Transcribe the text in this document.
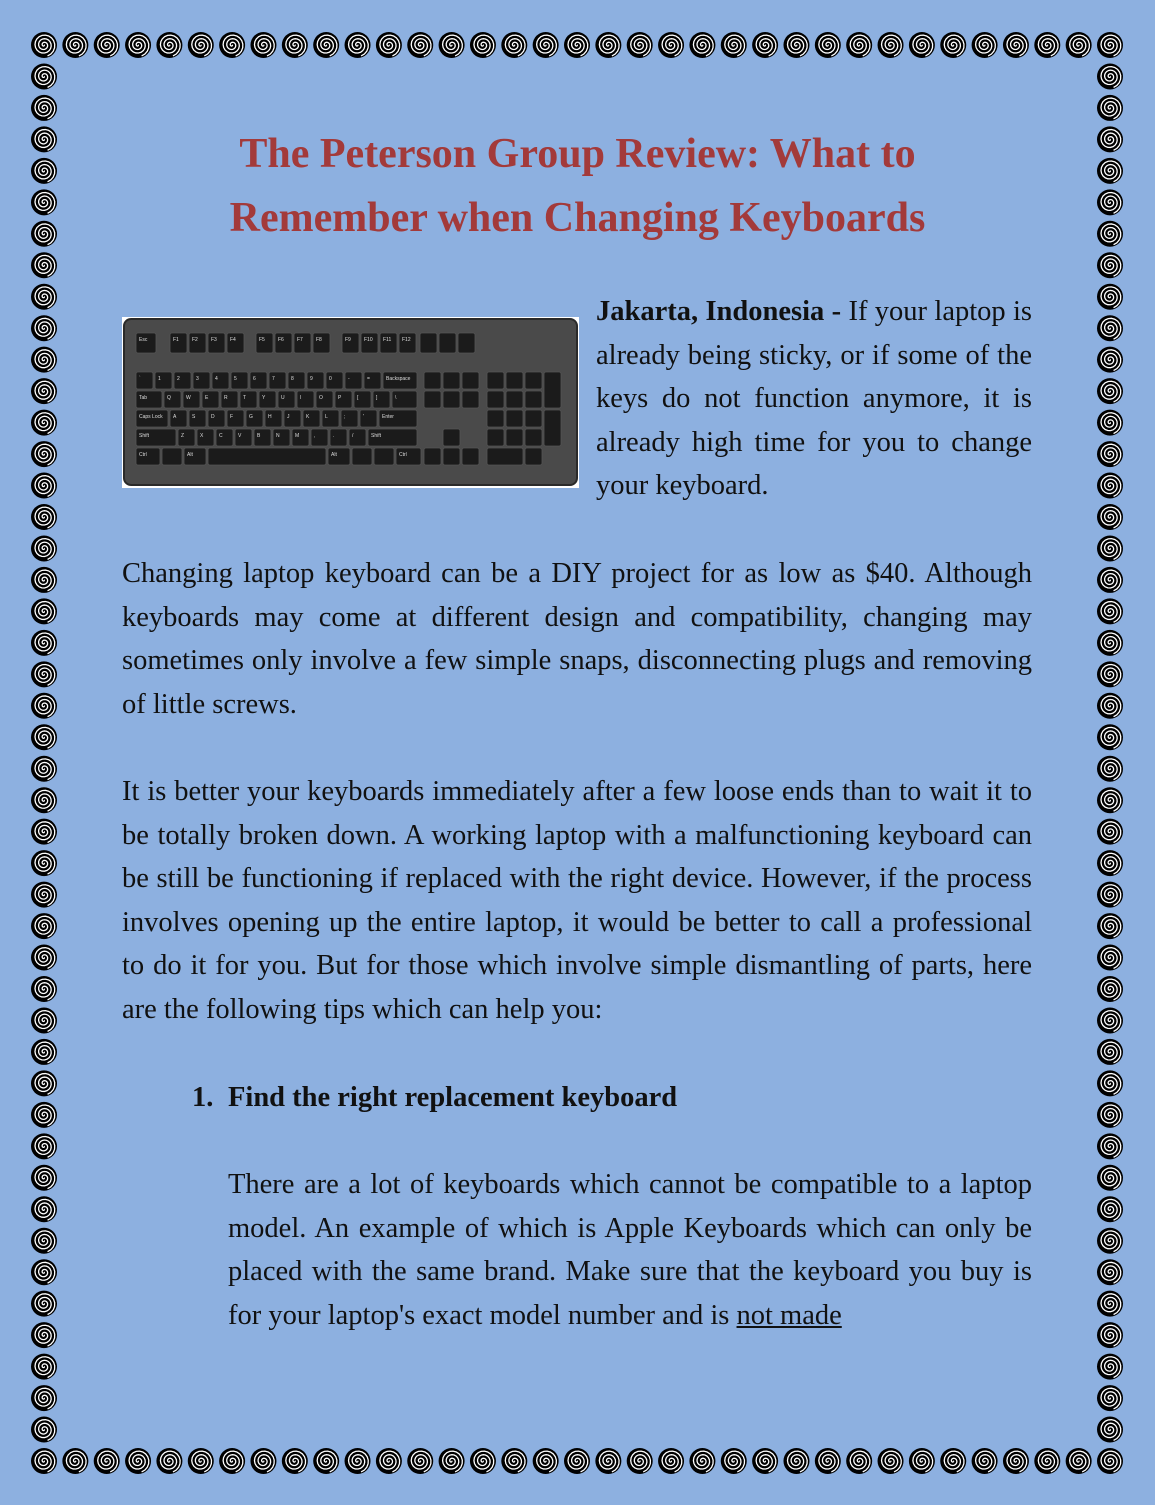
The Peterson Group Review: What to
Remember when Changing Keyboards
Esc	F1	F2	F3	F4	F5	F6	F7	F8	F9	F10 F11 F12
`	1	2	3	4	5	6	7	8	9	0	-	=	Backspace
Tab	Q	W	E	R	T	Y	U	I	O	P	[	]	\
Caps Lock A	S	D	F	G	H	J	K	L	;	'	Enter
Shift	Z	X	C	V	B	N	M	,	.	/	Shift
Ctrl	Alt	Alt	Ctrl

Jakarta, Indonesia - If your laptop is already being sticky, or if some of the keys do not function anymore, it is already high time for you to change your keyboard.

Changing laptop keyboard can be a DIY project for as low as $40. Although keyboards may come at different design and compatibility, changing may sometimes only involve a few simple snaps, disconnecting plugs and removing of little screws.

It is better your keyboards immediately after a few loose ends than to wait it to be totally broken down. A working laptop with a malfunctioning keyboard can be still be functioning if replaced with the right device. However, if the process involves opening up the entire laptop, it would be better to call a professional to do it for you. But for those which involve simple dismantling of parts, here are the following tips which can help you:

1. Find the right replacement keyboard

There are a lot of keyboards which cannot be compatible to a laptop model. An example of which is Apple Keyboards which can only be placed with the same brand. Make sure that the keyboard you buy is for your laptop's exact model number and is not made
